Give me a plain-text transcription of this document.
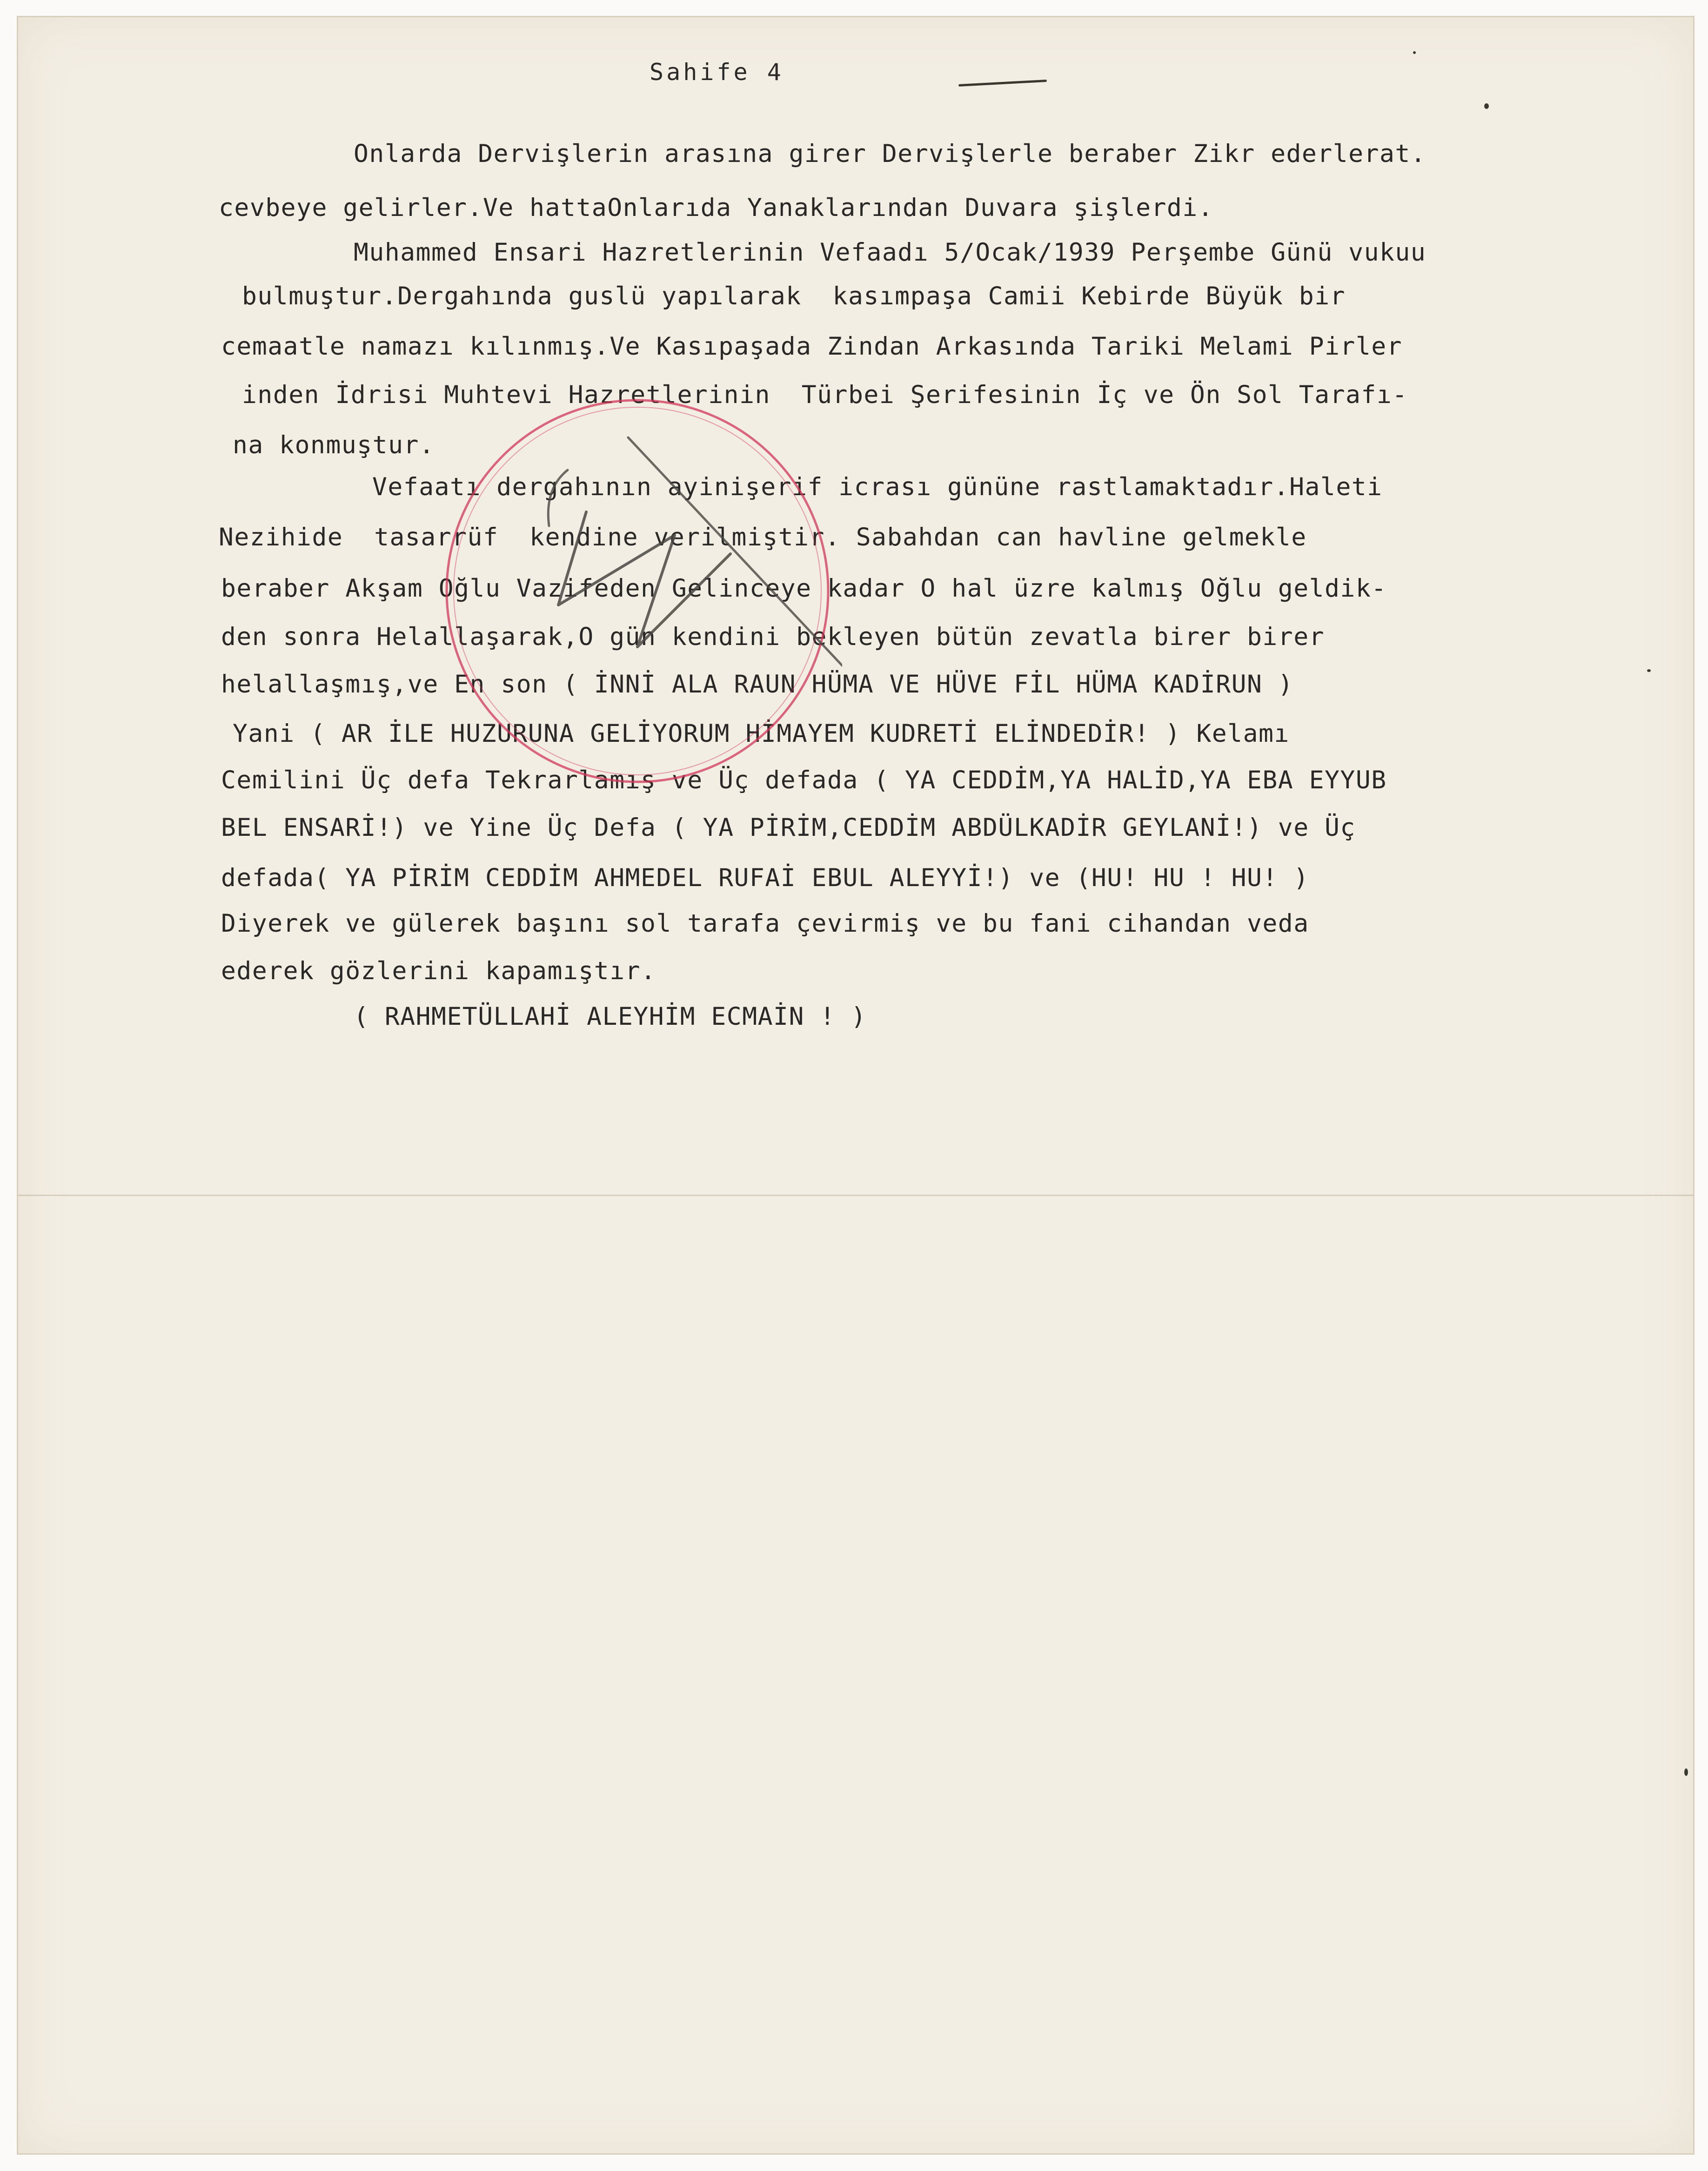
Sahife 4
Onlarda Dervişlerin arasına girer Dervişlerle beraber Zikr ederlerat.
cevbeye gelirler.Ve hattaOnlarıda Yanaklarından Duvara şişlerdi.
Muhammed Ensari Hazretlerinin Vefaadı 5/Ocak/1939 Perşembe Günü vukuu
bulmuştur.Dergahında guslü yapılarak  kasımpaşa Camii Kebirde Büyük bir
cemaatle namazı kılınmış.Ve Kasıpaşada Zindan Arkasında Tariki Melami Pirler
inden İdrisi Muhtevi Hazretlerinin  Türbei Şerifesinin İç ve Ön Sol Tarafı-
na konmuştur.
Vefaatı dergahının ayinişerif icrası gününe rastlamaktadır.Haleti
Nezihide  tasarrüf  kendine verilmiştir. Sabahdan can havline gelmekle
beraber Akşam Oğlu Vazifeden Gelinceye kadar O hal üzre kalmış Oğlu geldik-
den sonra Helallaşarak,O gün kendini bekleyen bütün zevatla birer birer
helallaşmış,ve En son ( İNNİ ALA RAUN HÜMA VE HÜVE FİL HÜMA KADİRUN )
Yani ( AR İLE HUZURUNA GELİYORUM HİMAYEM KUDRETİ ELİNDEDİR! ) Kelamı
Cemilini Üç defa Tekrarlamış ve Üç defada ( YA CEDDİM,YA HALİD,YA EBA EYYUB
BEL ENSARİ!) ve Yine Üç Defa ( YA PİRİM,CEDDİM ABDÜLKADİR GEYLANİ!) ve Üç
defada( YA PİRİM CEDDİM AHMEDEL RUFAİ EBUL ALEYYİ!) ve (HU! HU ! HU! )
Diyerek ve gülerek başını sol tarafa çevirmiş ve bu fani cihandan veda
ederek gözlerini kapamıştır.
( RAHMETÜLLAHİ ALEYHİM ECMAİN ! )
